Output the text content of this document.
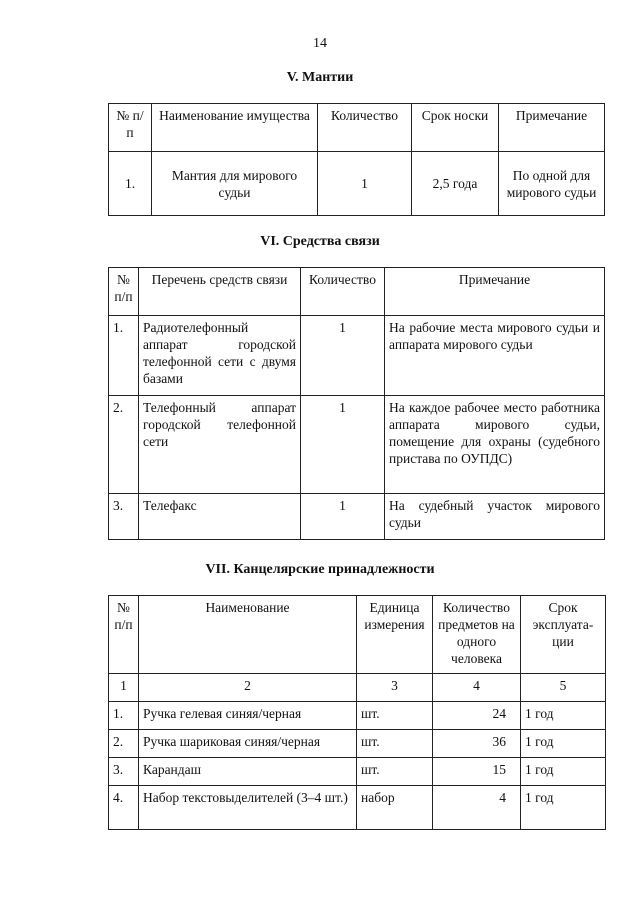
14
V. Мантии
№ п/п	Наименование имущества	Количество	Срок носки	Примечание
1.	Мантия для мирового судьи	1	2,5 года	По одной для мирового судьи
VI. Средства связи
№ п/п	Перечень средств связи	Количество	Примечание
1.	Радиотелефонный аппарат городской телефонной сети с двумя базами	1	На рабочие места мирового судьи и аппарата мирового судьи
2.	Телефонный аппарат городской телефонной сети	1	На каждое рабочее место работника аппарата мирового судьи, помещение для охраны (судебного пристава по ОУПДС)
3.	Телефакс	1	На судебный участок мирового судьи
VII. Канцелярские принадлежности
№ п/п	Наименование	Единица измерения	Количество предметов на одного человека	Срок эксплуата-ции
1	2	3	4	5
1.	Ручка гелевая синяя/черная	шт.	24	1 год
2.	Ручка шариковая синяя/черная	шт.	36	1 год
3.	Карандаш	шт.	15	1 год
4.	Набор текстовыделителей (3–4 шт.)	набор	4	1 год
